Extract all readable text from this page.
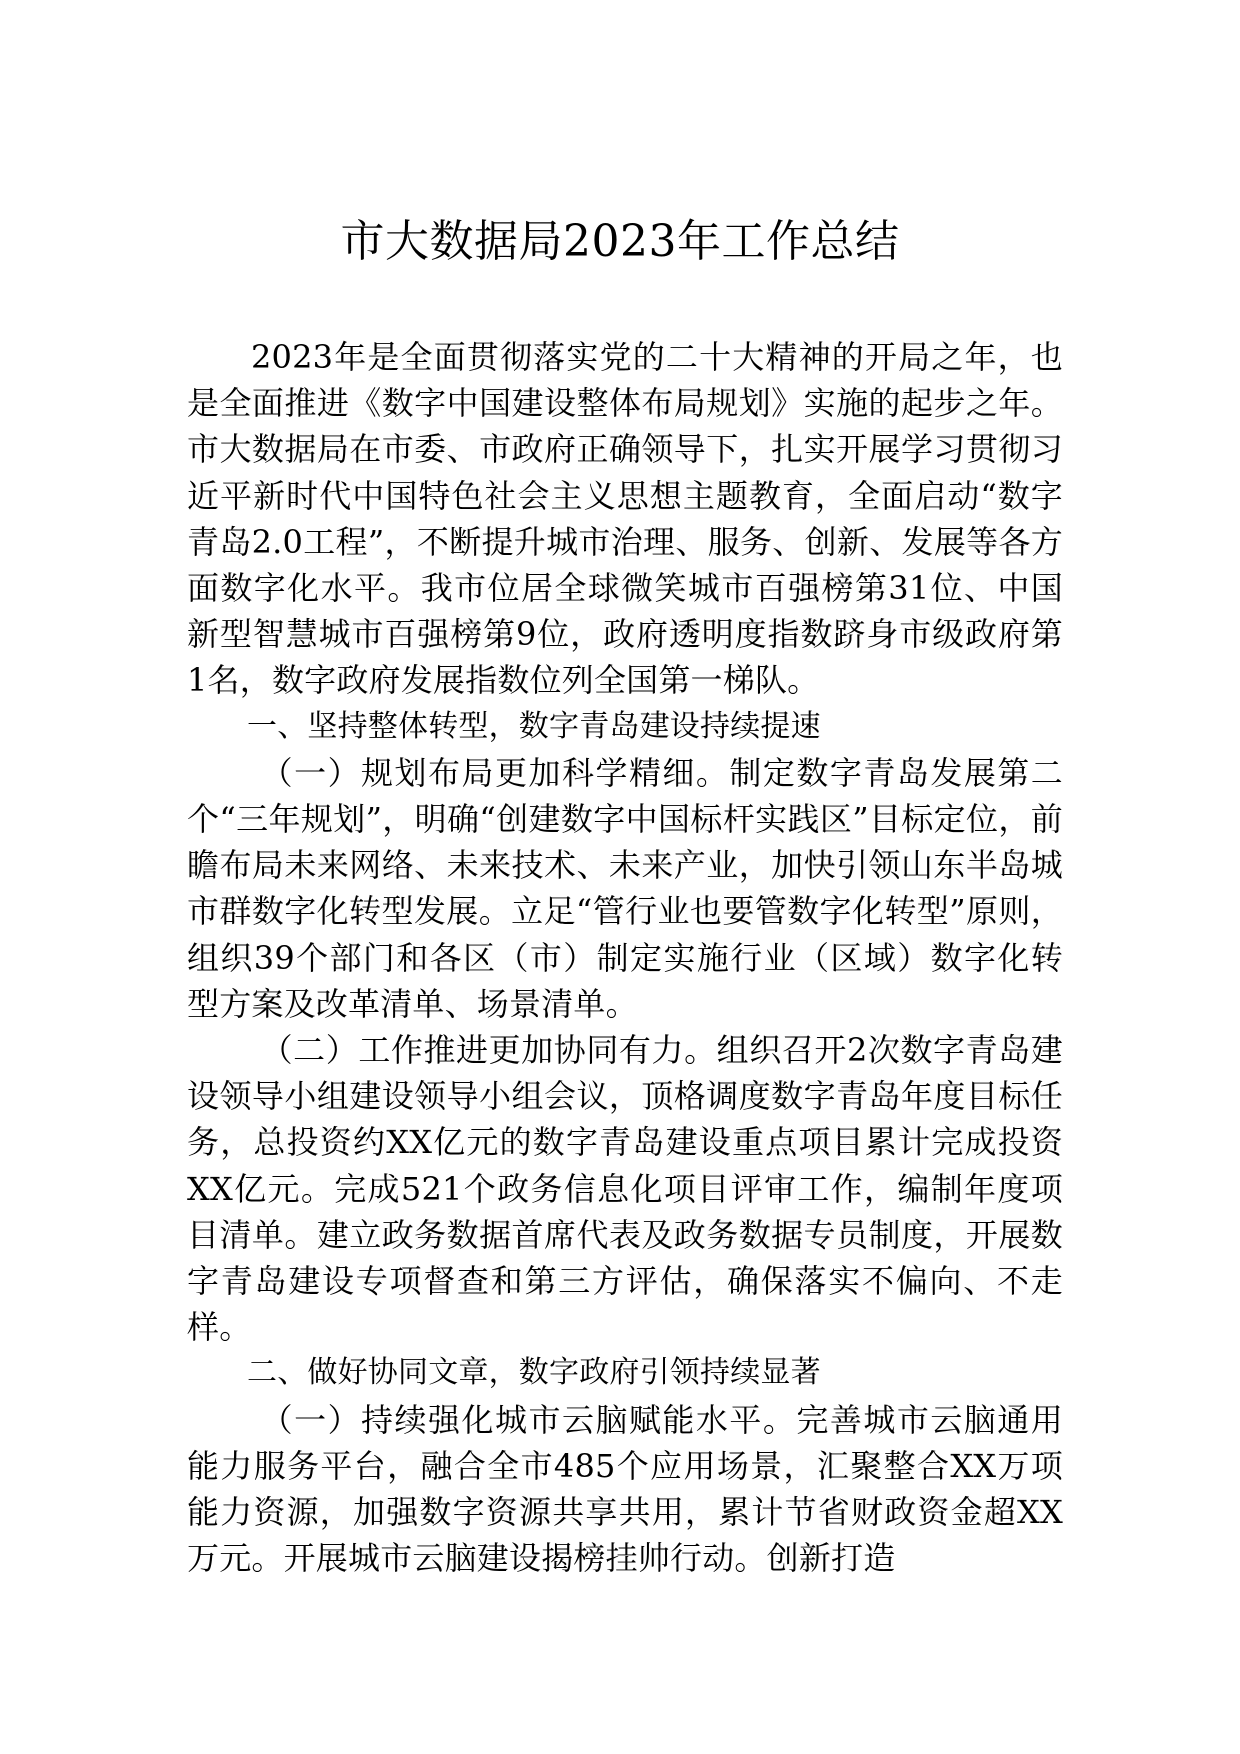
市大数据局2023年工作总结

2023年是全面贯彻落实党的二十大精神的开局之年，也是全面推进《数字中国建设整体布局规划》实施的起步之年。市大数据局在市委、市政府正确领导下，扎实开展学习贯彻习近平新时代中国特色社会主义思想主题教育，全面启动“数字青岛2.0工程”，不断提升城市治理、服务、创新、发展等各方面数字化水平。我市位居全球微笑城市百强榜第31位、中国新型智慧城市百强榜第9位，政府透明度指数跻身市级政府第1名，数字政府发展指数位列全国第一梯队。

一、坚持整体转型，数字青岛建设持续提速

（一）规划布局更加科学精细。制定数字青岛发展第二个“三年规划”，明确“创建数字中国标杆实践区”目标定位，前瞻布局未来网络、未来技术、未来产业，加快引领山东半岛城市群数字化转型发展。立足“管行业也要管数字化转型”原则，组织39个部门和各区（市）制定实施行业（区域）数字化转型方案及改革清单、场景清单。

（二）工作推进更加协同有力。组织召开2次数字青岛建设领导小组建设领导小组会议，顶格调度数字青岛年度目标任务，总投资约XX亿元的数字青岛建设重点项目累计完成投资XX亿元。完成521个政务信息化项目评审工作，编制年度项目清单。建立政务数据首席代表及政务数据专员制度，开展数字青岛建设专项督查和第三方评估，确保落实不偏向、不走样。

二、做好协同文章，数字政府引领持续显著

（一）持续强化城市云脑赋能水平。完善城市云脑通用能力服务平台，融合全市485个应用场景，汇聚整合XX万项能力资源，加强数字资源共享共用，累计节省财政资金超XX万元。开展城市云脑建设揭榜挂帅行动。创新打造
